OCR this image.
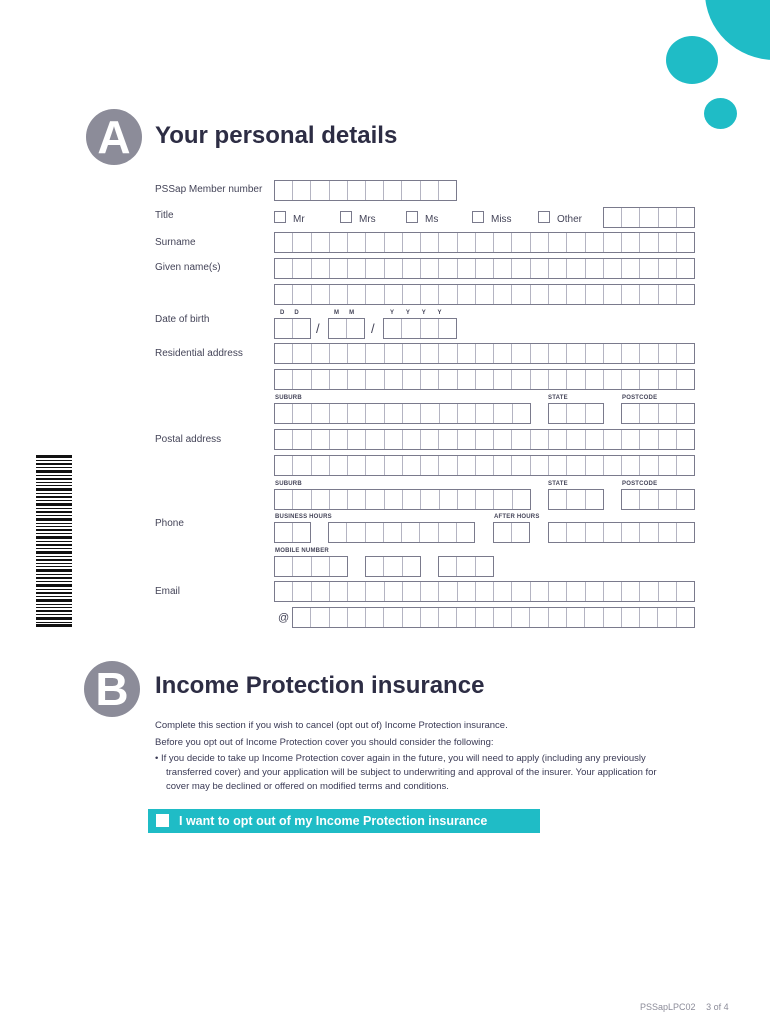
A	Your personal details
PSSap Member number
Title	Mr	Mrs	Ms	Miss	Other
Surname
Given name(s)
Date of birth
D D	M M	Y Y Y Y
/	/
Residential address
SUBURB	STATE	POSTCODE
Postal address
SUBURB	STATE	POSTCODE
Phone
BUSINESS HOURS	AFTER HOURS
MOBILE NUMBER
Email
@
B	Income Protection insurance
Complete this section if you wish to cancel (opt out of) Income Protection insurance.
Before you opt out of Income Protection cover you should consider the following:
• If you decide to take up Income Protection cover again in the future, you will need to apply (including any previously
transferred cover) and your application will be subject to underwriting and approval of the insurer. Your application for
cover may be declined or offered on modified terms and conditions.
I want to opt out of my Income Protection insurance
PSSapLPC02 3 of 4
